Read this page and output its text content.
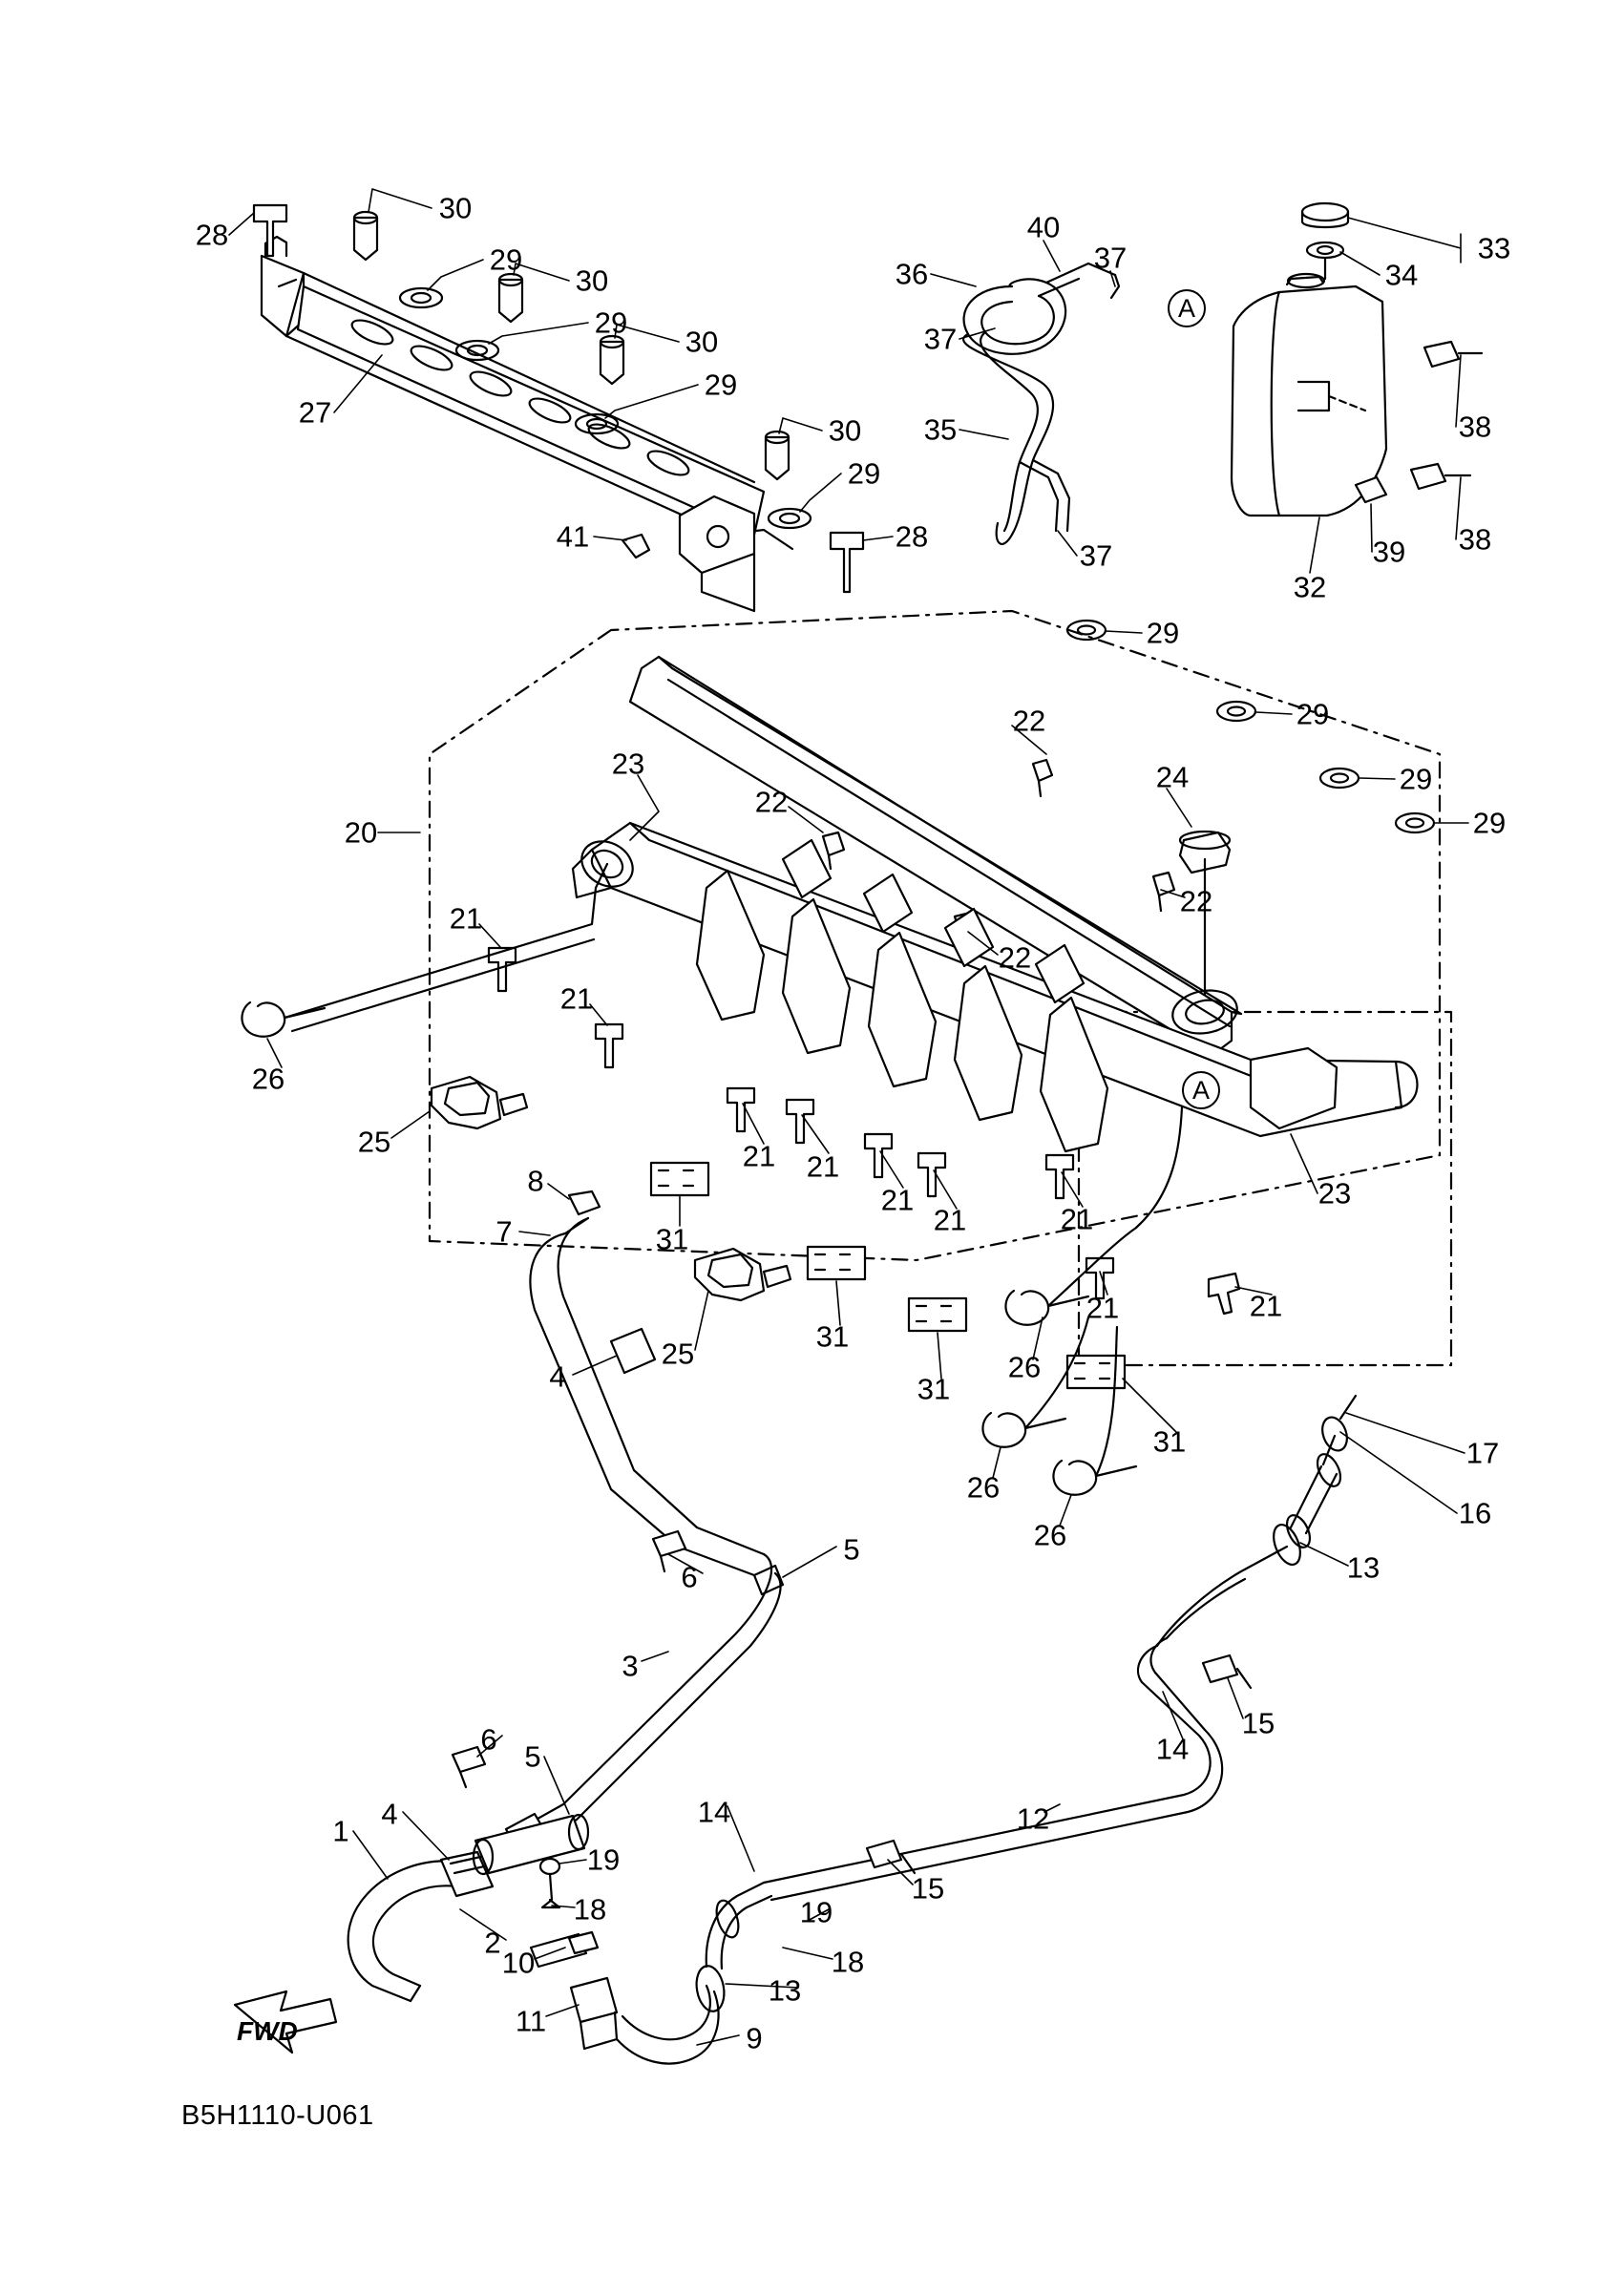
28
30
29
30
29
30
29
27
30
29
41	28
36
40
37
37
35
37
33
34
38
38
39
32
29
29
29
29
23
22
24
22
22
20
21
22
21
26
25	21 21
21
21	21
23
8
7	31
25
31
21	21
26
31
4
26
31
26
17
16
13
5
6
3
15
14
6
5
12
14
4
1
19
18
15
19
2
18
10
13
11
9
A
A
FWD
B5H1110-U061
